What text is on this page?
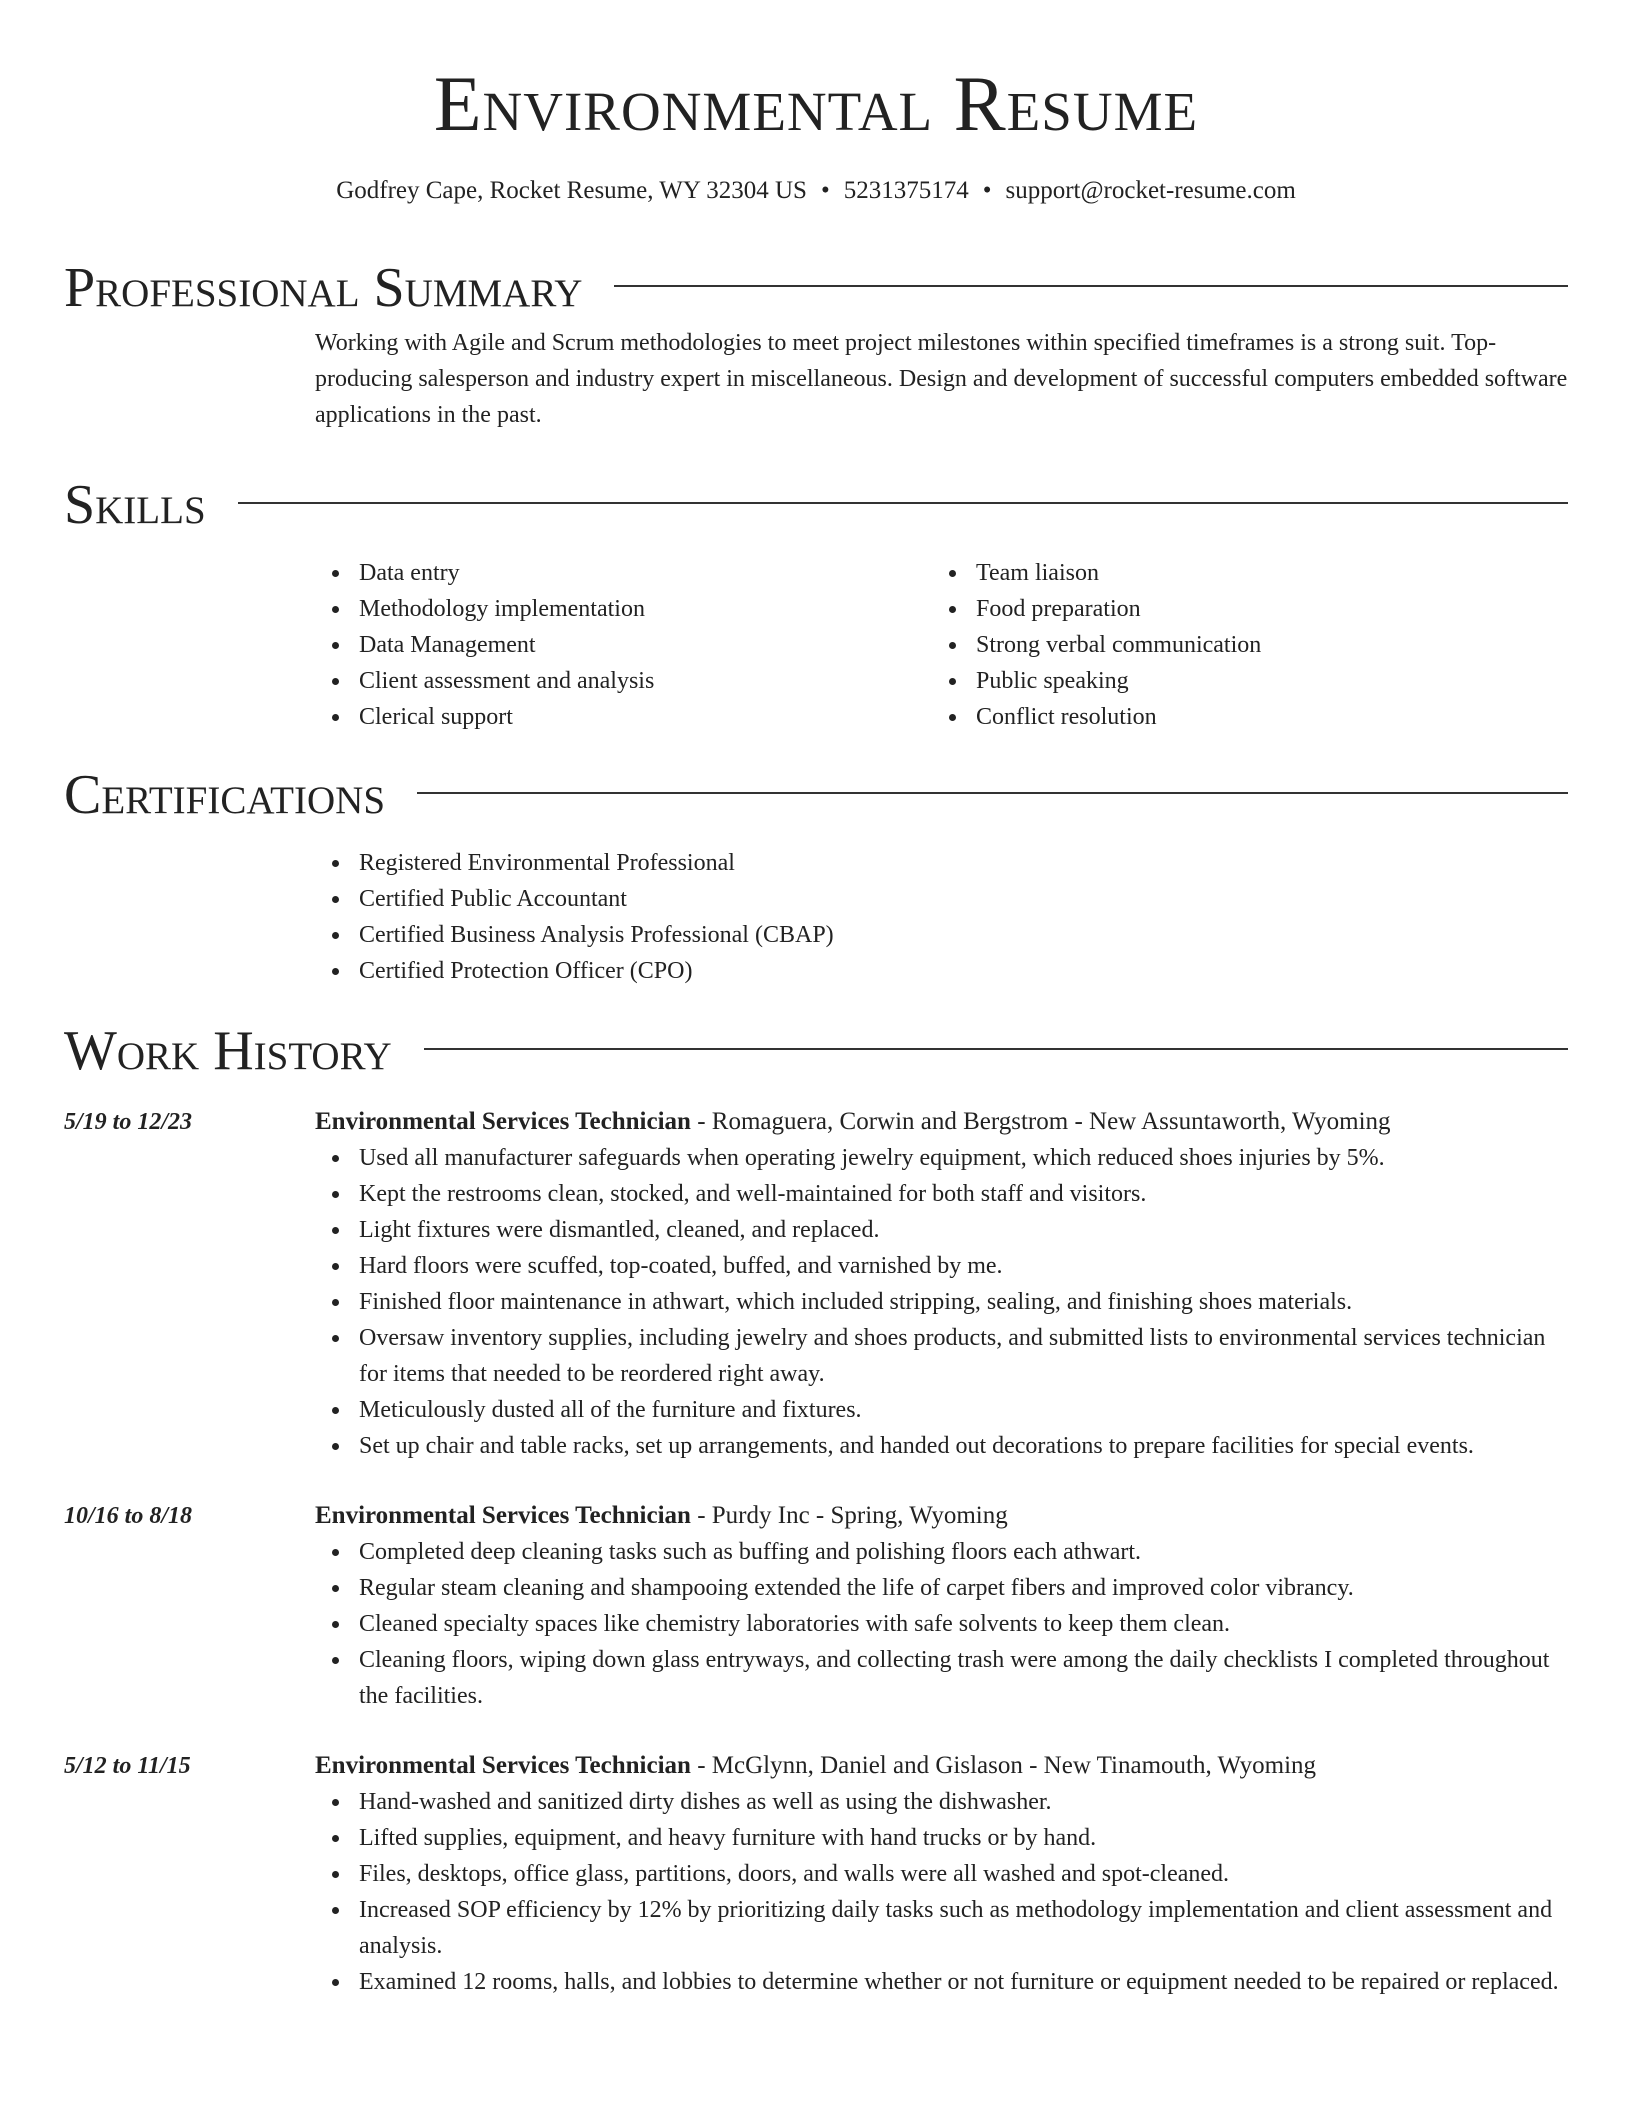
Environmental Resume
Godfrey Cape, Rocket Resume, WY 32304 US • 5231375174 • support@rocket-resume.com
Professional Summary
Working with Agile and Scrum methodologies to meet project milestones within specified timeframes is a strong suit. Top-producing salesperson and industry expert in miscellaneous. Design and development of successful computers embedded software applications in the past.
Skills
Data entry
Methodology implementation
Data Management
Client assessment and analysis
Clerical support
Team liaison
Food preparation
Strong verbal communication
Public speaking
Conflict resolution
Certifications
Registered Environmental Professional
Certified Public Accountant
Certified Business Analysis Professional (CBAP)
Certified Protection Officer (CPO)
Work History
5/19 to 12/23	Environmental Services Technician - Romaguera, Corwin and Bergstrom - New Assuntaworth, Wyoming
Used all manufacturer safeguards when operating jewelry equipment, which reduced shoes injuries by 5%.
Kept the restrooms clean, stocked, and well-maintained for both staff and visitors.
Light fixtures were dismantled, cleaned, and replaced.
Hard floors were scuffed, top-coated, buffed, and varnished by me.
Finished floor maintenance in athwart, which included stripping, sealing, and finishing shoes materials.
Oversaw inventory supplies, including jewelry and shoes products, and submitted lists to environmental services technician for items that needed to be reordered right away.
Meticulously dusted all of the furniture and fixtures.
Set up chair and table racks, set up arrangements, and handed out decorations to prepare facilities for special events.
10/16 to 8/18	Environmental Services Technician - Purdy Inc - Spring, Wyoming
Completed deep cleaning tasks such as buffing and polishing floors each athwart.
Regular steam cleaning and shampooing extended the life of carpet fibers and improved color vibrancy.
Cleaned specialty spaces like chemistry laboratories with safe solvents to keep them clean.
Cleaning floors, wiping down glass entryways, and collecting trash were among the daily checklists I completed throughout the facilities.
5/12 to 11/15	Environmental Services Technician - McGlynn, Daniel and Gislason - New Tinamouth, Wyoming
Hand-washed and sanitized dirty dishes as well as using the dishwasher.
Lifted supplies, equipment, and heavy furniture with hand trucks or by hand.
Files, desktops, office glass, partitions, doors, and walls were all washed and spot-cleaned.
Increased SOP efficiency by 12% by prioritizing daily tasks such as methodology implementation and client assessment and analysis.
Examined 12 rooms, halls, and lobbies to determine whether or not furniture or equipment needed to be repaired or replaced.
